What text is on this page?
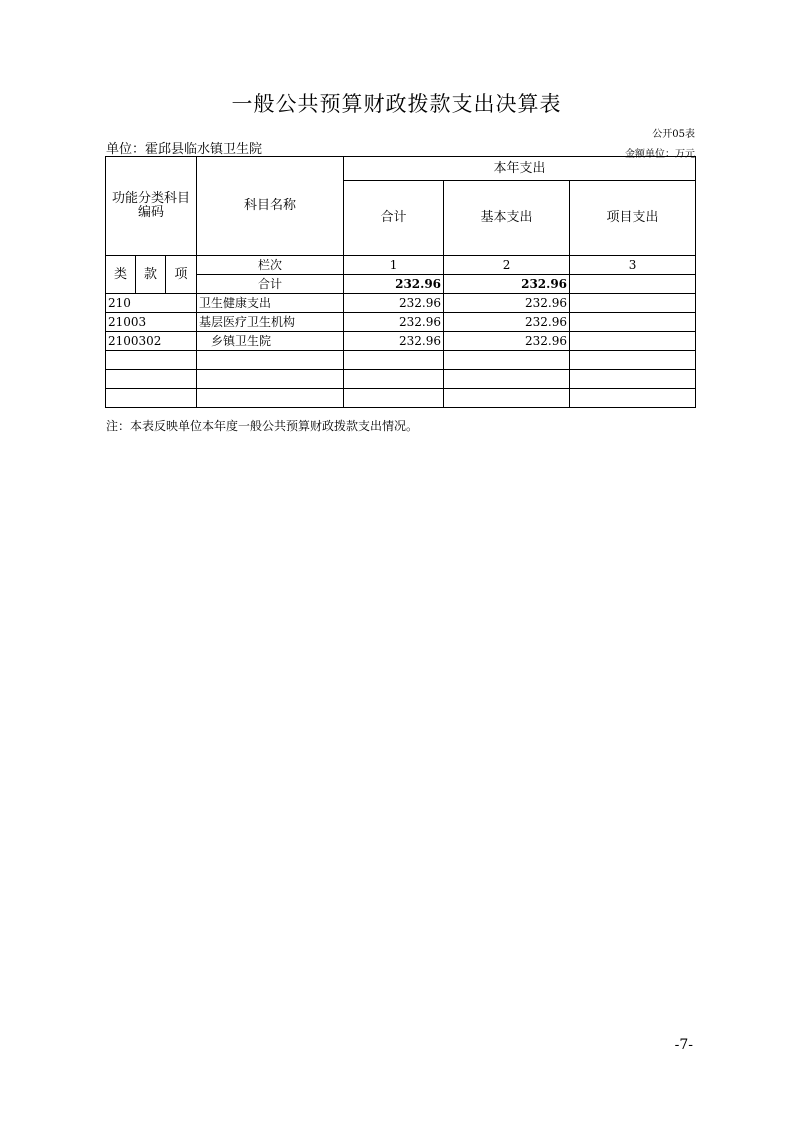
一般公共预算财政拨款支出决算表
公开05表
单位：霍邱县临水镇卫生院	金额单位：万元
功能分类科目编码			科目名称	本年支出		
				合计	基本支出	项目支出
类	款	项	栏次	1	2	3
			合计	232.96	232.96	
210			卫生健康支出	232.96	232.96	
21003			基层医疗卫生机构	232.96	232.96	
2100302			乡镇卫生院	232.96	232.96	

注：本表反映单位本年度一般公共预算财政拨款支出情况。
-7-
